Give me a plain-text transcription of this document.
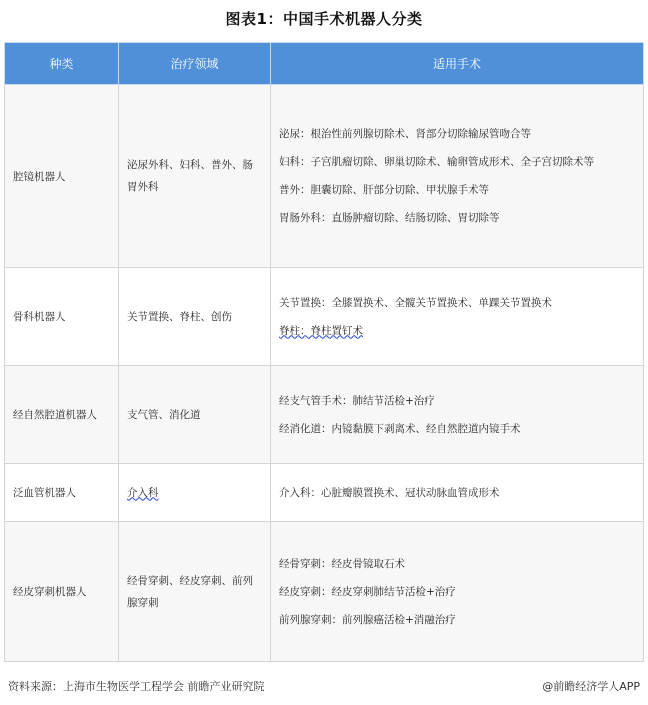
图表1：中国手术机器人分类
种类	治疗领域	适用手术
腔镜机器人	泌尿外科、妇科、普外、肠胃外科	泌尿：根治性前列腺切除术、肾部分切除输尿管吻合等
妇科：子宫肌瘤切除、卵巢切除术、输卵管成形术、全子宫切除术等
普外：胆囊切除、肝部分切除、甲状腺手术等
胃肠外科：直肠肿瘤切除、结肠切除、胃切除等

骨科机器人	关节置换、脊柱、创伤	关节置换：全膝置换术、全髋关节置换术、单踝关节置换术
脊柱：脊柱置钉术

经自然腔道机器人	支气管、消化道	经支气管手术：肺结节活检+治疗
经消化道：内镜黏膜下剥离术、经自然腔道内镜手术

泛血管机器人	介入科	介入科：心脏瓣膜置换术、冠状动脉血管成形术

经皮穿刺机器人	经骨穿刺、经皮穿刺、前列腺穿刺	经骨穿刺：经皮骨镜取石术
经皮穿刺：经皮穿刺肺结节活检+治疗
前列腺穿刺：前列腺癌活检+消融治疗
资料来源：上海市生物医学工程学会 前瞻产业研究院	@前瞻经济学人APP
